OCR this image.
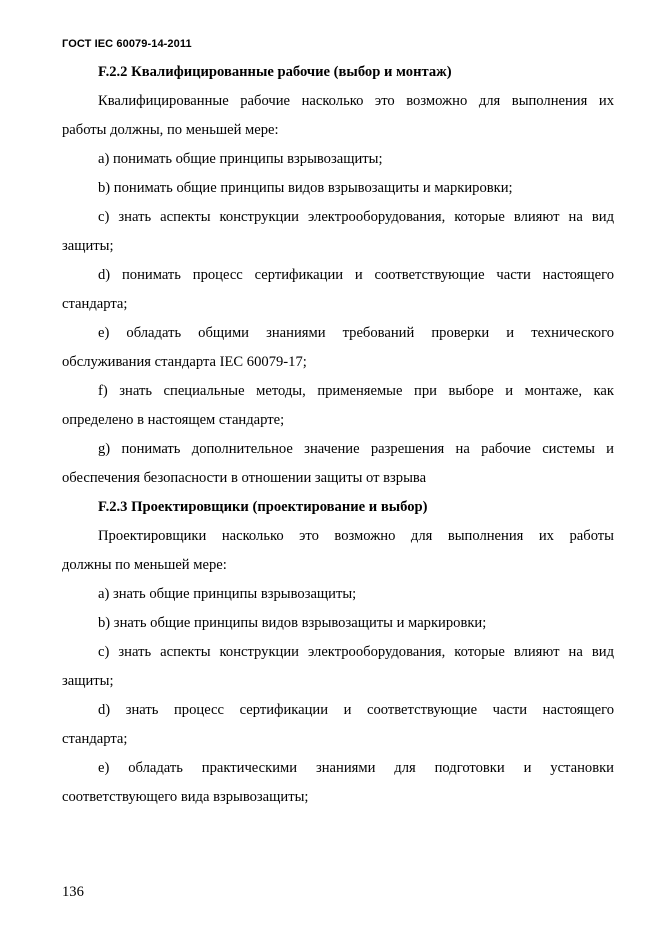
ГОСТ IEC 60079-14-2011
F.2.2 Квалифицированные рабочие (выбор и монтаж)
Квалифицированные рабочие насколько это возможно для выполнения их
работы должны, по меньшей мере:
a) понимать общие принципы взрывозащиты;
b) понимать общие принципы видов взрывозащиты и маркировки;
c) знать аспекты конструкции электрооборудования, которые влияют на вид
защиты;
d) понимать процесс сертификации и соответствующие части настоящего
стандарта;
e) обладать общими знаниями требований проверки и технического
обслуживания стандарта IEC 60079-17;
f) знать специальные методы, применяемые при выборе и монтаже, как
определено в настоящем стандарте;
g) понимать дополнительное значение разрешения на рабочие системы и
обеспечения безопасности в отношении защиты от взрыва
F.2.3 Проектировщики (проектирование и выбор)
Проектировщики насколько это возможно для выполнения их работы
должны по меньшей мере:
a) знать общие принципы взрывозащиты;
b) знать общие принципы видов взрывозащиты и маркировки;
c) знать аспекты конструкции электрооборудования, которые влияют на вид
защиты;
d) знать процесс сертификации и соответствующие части настоящего
стандарта;
e) обладать практическими знаниями для подготовки и установки
соответствующего вида взрывозащиты;
136
